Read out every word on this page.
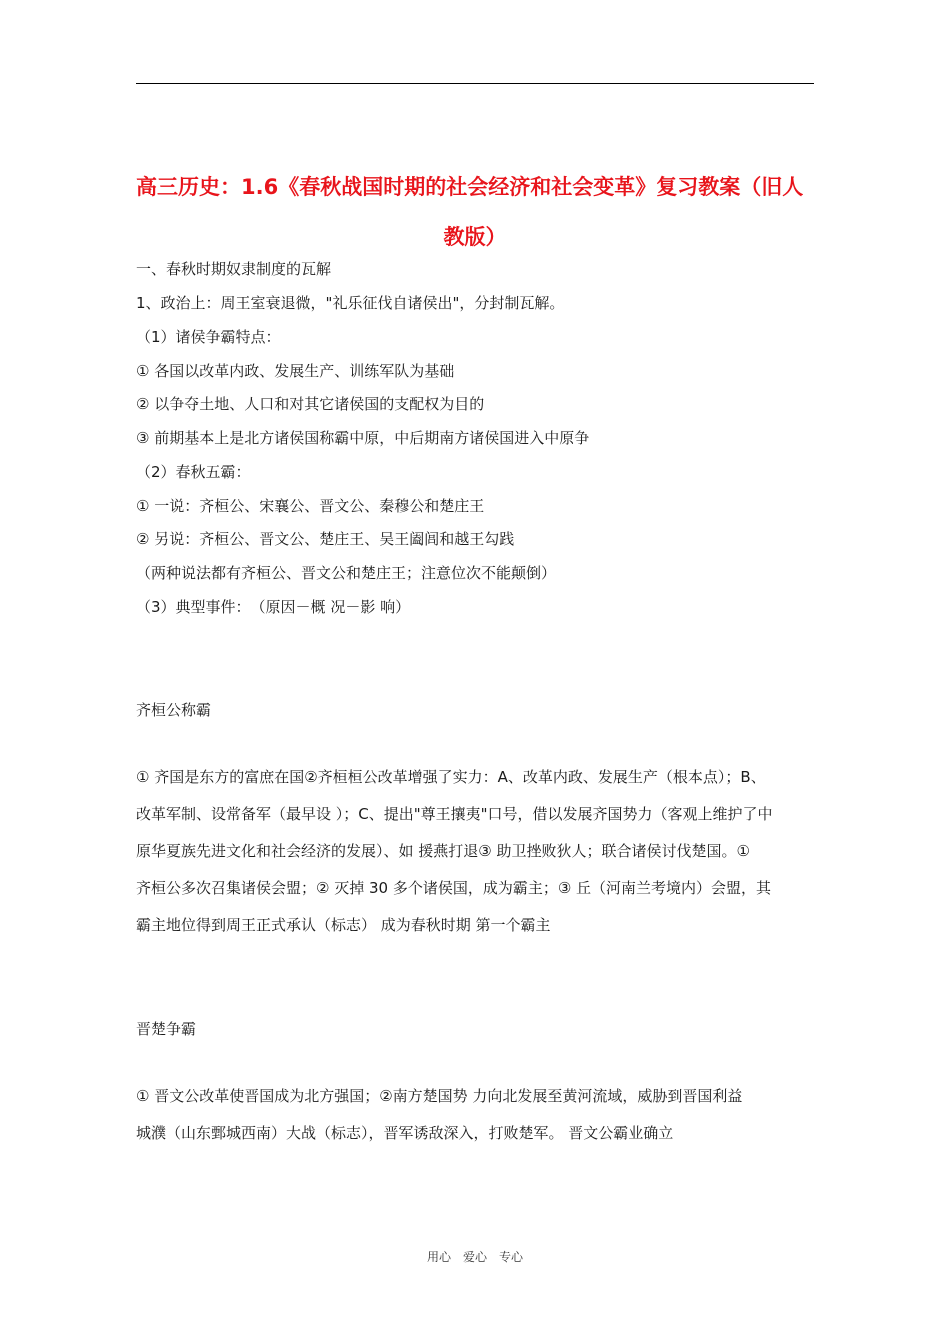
高三历史：1.6《春秋战国时期的社会经济和社会变革》复习教案（旧人
教版）

一、春秋时期奴隶制度的瓦解

1、政治上：周王室衰退微，"礼乐征伐自诸侯出"，分封制瓦解。

（1）诸侯争霸特点：

① 各国以改革内政、发展生产、训练军队为基础

② 以争夺土地、人口和对其它诸侯国的支配权为目的

③ 前期基本上是北方诸侯国称霸中原，中后期南方诸侯国进入中原争

（2）春秋五霸：

① 一说：齐桓公、宋襄公、晋文公、秦穆公和楚庄王

② 另说：齐桓公、晋文公、楚庄王、吴王阖闾和越王勾践

（两种说法都有齐桓公、晋文公和楚庄王；注意位次不能颠倒）

（3）典型事件：　（原因－概 况－影 响）

齐桓公称霸

① 齐国是东方的富庶在国②齐桓桓公改革增强了实力：A、改革内政、发展生产（根本点）；B、
改革军制、设常备军（最早设 ）；C、提出"尊王攘夷"口号，借以发展齐国势力（客观上维护了中
原华夏族先进文化和社会经济的发展）、如 援燕打退③ 助卫挫败狄人；联合诸侯讨伐楚国。①
齐桓公多次召集诸侯会盟；② 灭掉 30 多个诸侯国，成为霸主；③ 丘（河南兰考境内）会盟，其
霸主地位得到周王正式承认（标志） 成为春秋时期 第一个霸主

晋楚争霸

① 晋文公改革使晋国成为北方强国；②南方楚国势 力向北发展至黄河流域，威胁到晋国利益
城濮（山东鄄城西南）大战（标志），晋军诱敌深入，打败楚军。 晋文公霸业确立
用心　爱心　专心
